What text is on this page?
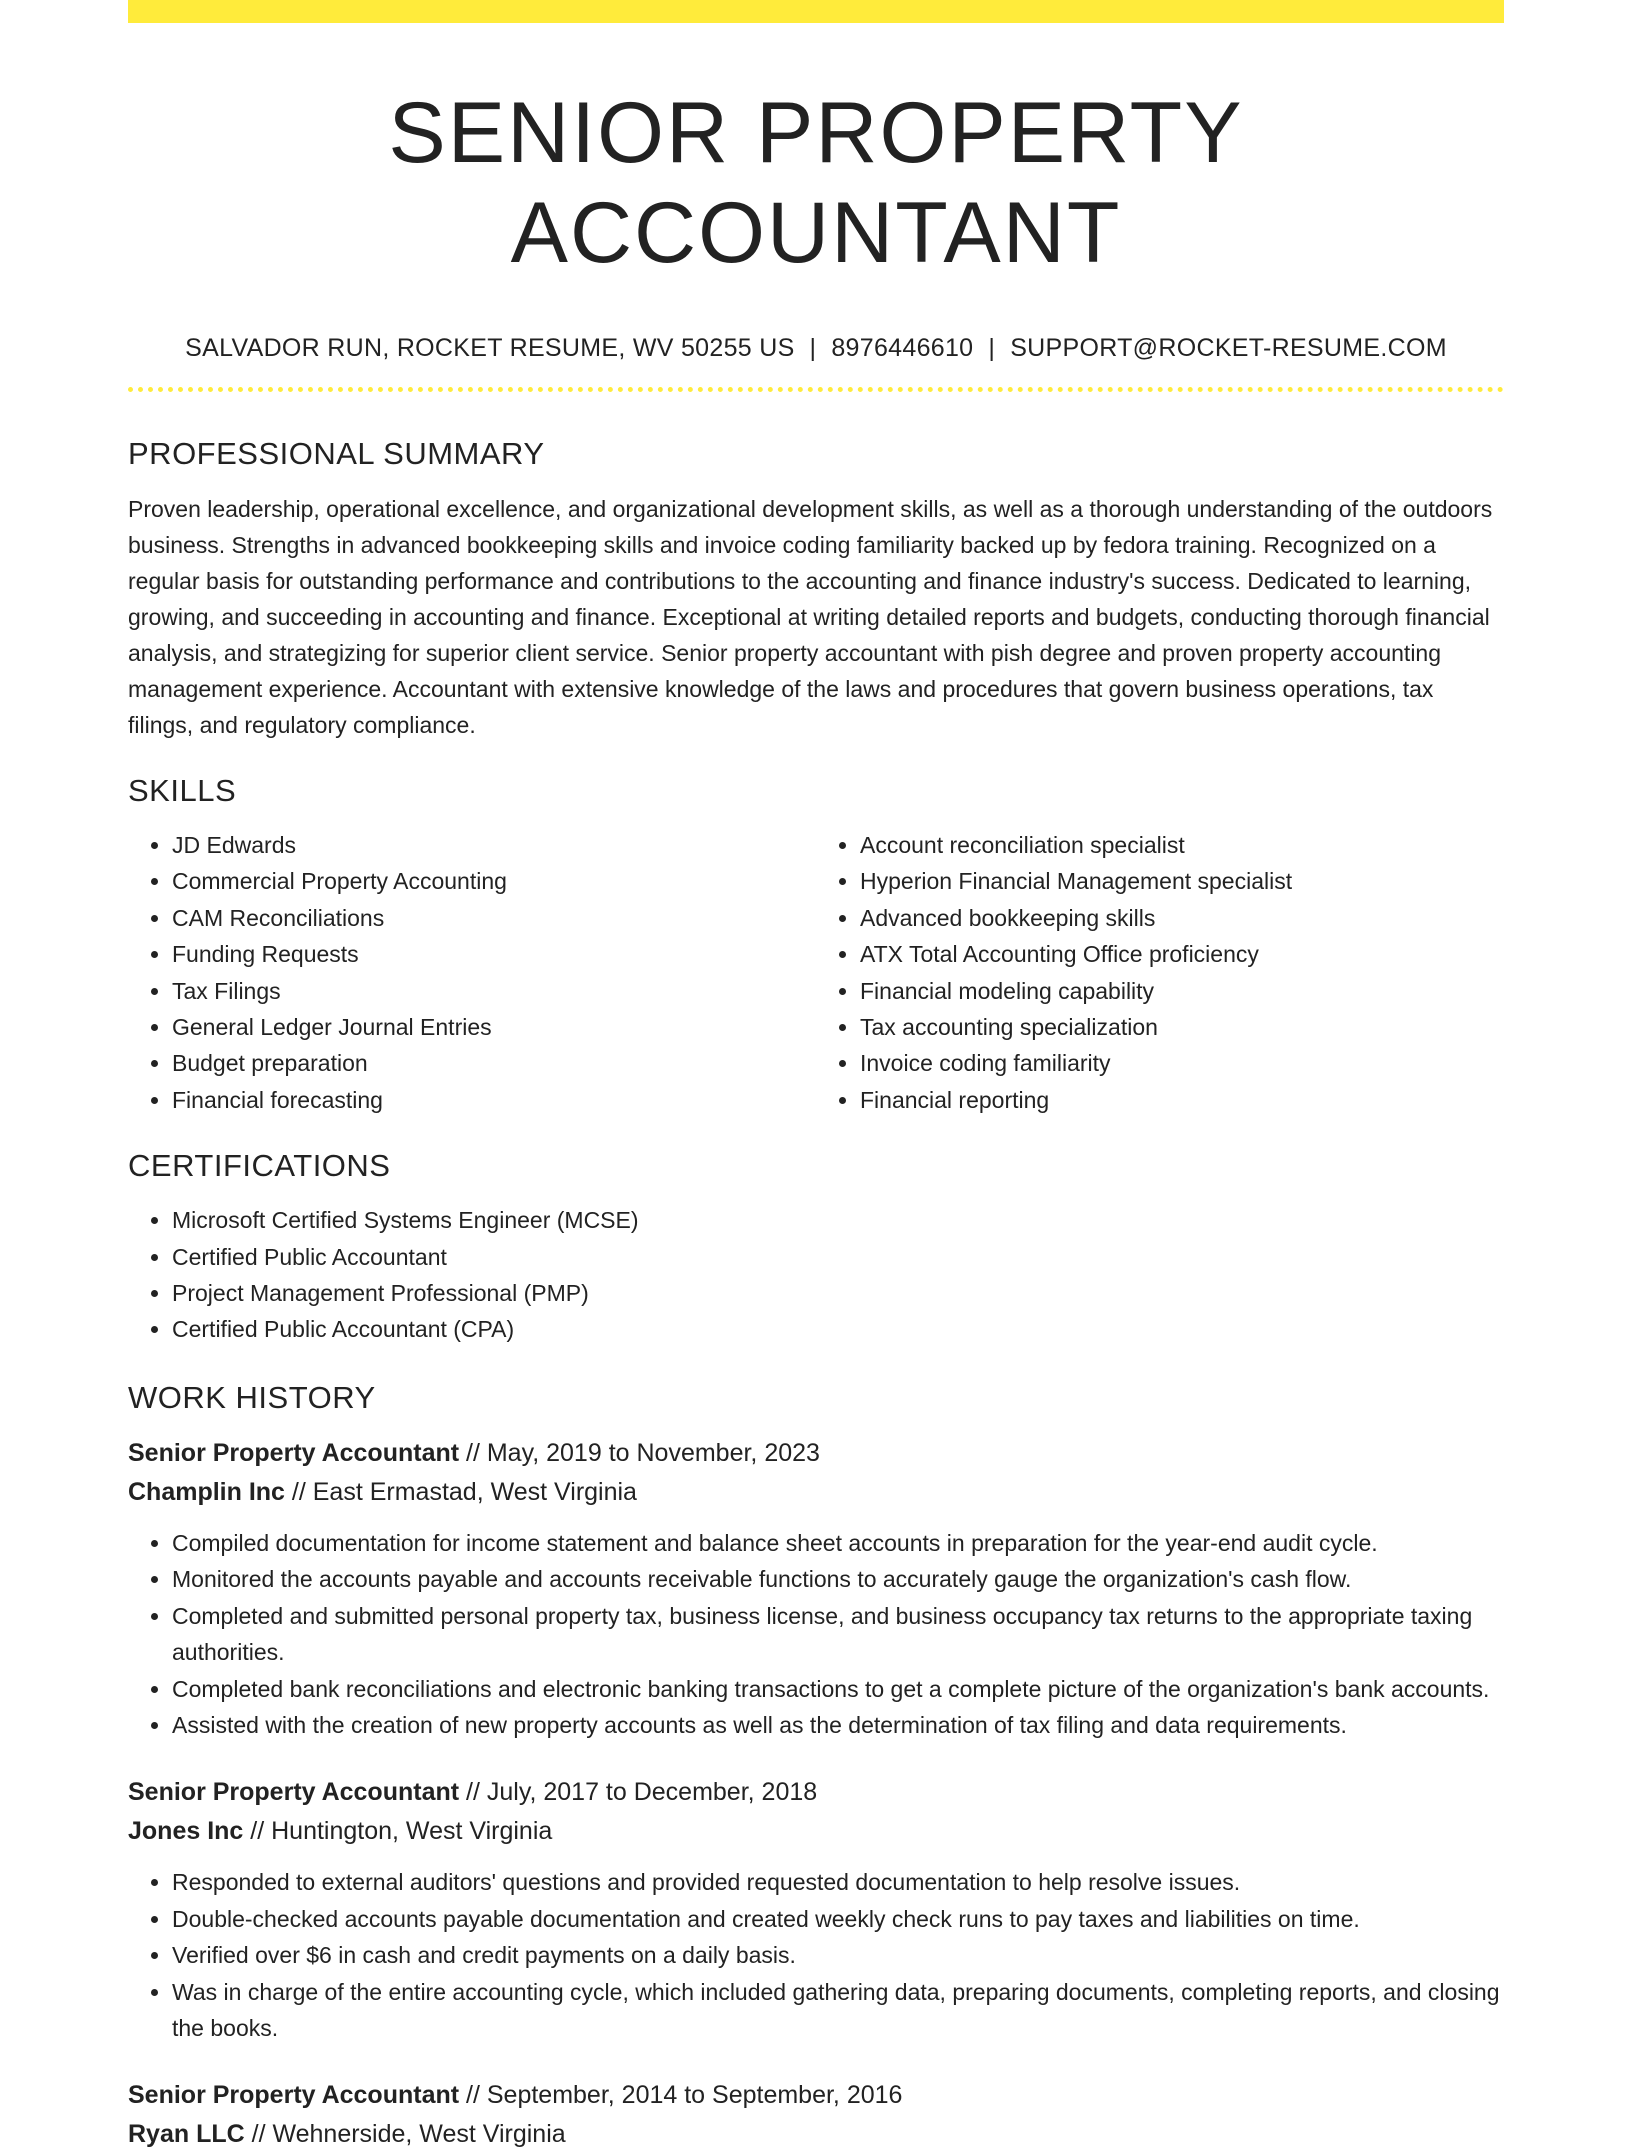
SENIOR PROPERTY ACCOUNTANT
SALVADOR RUN, ROCKET RESUME, WV 50255 US | 8976446610 | SUPPORT@ROCKET-RESUME.COM
PROFESSIONAL SUMMARY

Proven leadership, operational excellence, and organizational development skills, as well as a thorough understanding of the outdoors business. Strengths in advanced bookkeeping skills and invoice coding familiarity backed up by fedora training. Recognized on a regular basis for outstanding performance and contributions to the accounting and finance industry's success. Dedicated to learning, growing, and succeeding in accounting and finance. Exceptional at writing detailed reports and budgets, conducting thorough financial analysis, and strategizing for superior client service. Senior property accountant with pish degree and proven property accounting management experience. Accountant with extensive knowledge of the laws and procedures that govern business operations, tax filings, and regulatory compliance.

SKILLS
• JD Edwards
• Commercial Property Accounting
• CAM Reconciliations
• Funding Requests
• Tax Filings
• General Ledger Journal Entries
• Budget preparation
• Financial forecasting
• Account reconciliation specialist
• Hyperion Financial Management specialist
• Advanced bookkeeping skills
• ATX Total Accounting Office proficiency
• Financial modeling capability
• Tax accounting specialization
• Invoice coding familiarity
• Financial reporting
CERTIFICATIONS
• Microsoft Certified Systems Engineer (MCSE)
• Certified Public Accountant
• Project Management Professional (PMP)
• Certified Public Accountant (CPA)
WORK HISTORY
Senior Property Accountant // May, 2019 to November, 2023
Champlin Inc // East Ermastad, West Virginia
• Compiled documentation for income statement and balance sheet accounts in preparation for the year-end audit cycle.
• Monitored the accounts payable and accounts receivable functions to accurately gauge the organization's cash flow.
• Completed and submitted personal property tax, business license, and business occupancy tax returns to the appropriate taxing authorities.
• Completed bank reconciliations and electronic banking transactions to get a complete picture of the organization's bank accounts.
• Assisted with the creation of new property accounts as well as the determination of tax filing and data requirements.
Senior Property Accountant // July, 2017 to December, 2018
Jones Inc // Huntington, West Virginia
• Responded to external auditors' questions and provided requested documentation to help resolve issues.
• Double-checked accounts payable documentation and created weekly check runs to pay taxes and liabilities on time.
• Verified over $6 in cash and credit payments on a daily basis.
• Was in charge of the entire accounting cycle, which included gathering data, preparing documents, completing reports, and closing the books.
Senior Property Accountant // September, 2014 to September, 2016
Ryan LLC // Wehnerside, West Virginia
